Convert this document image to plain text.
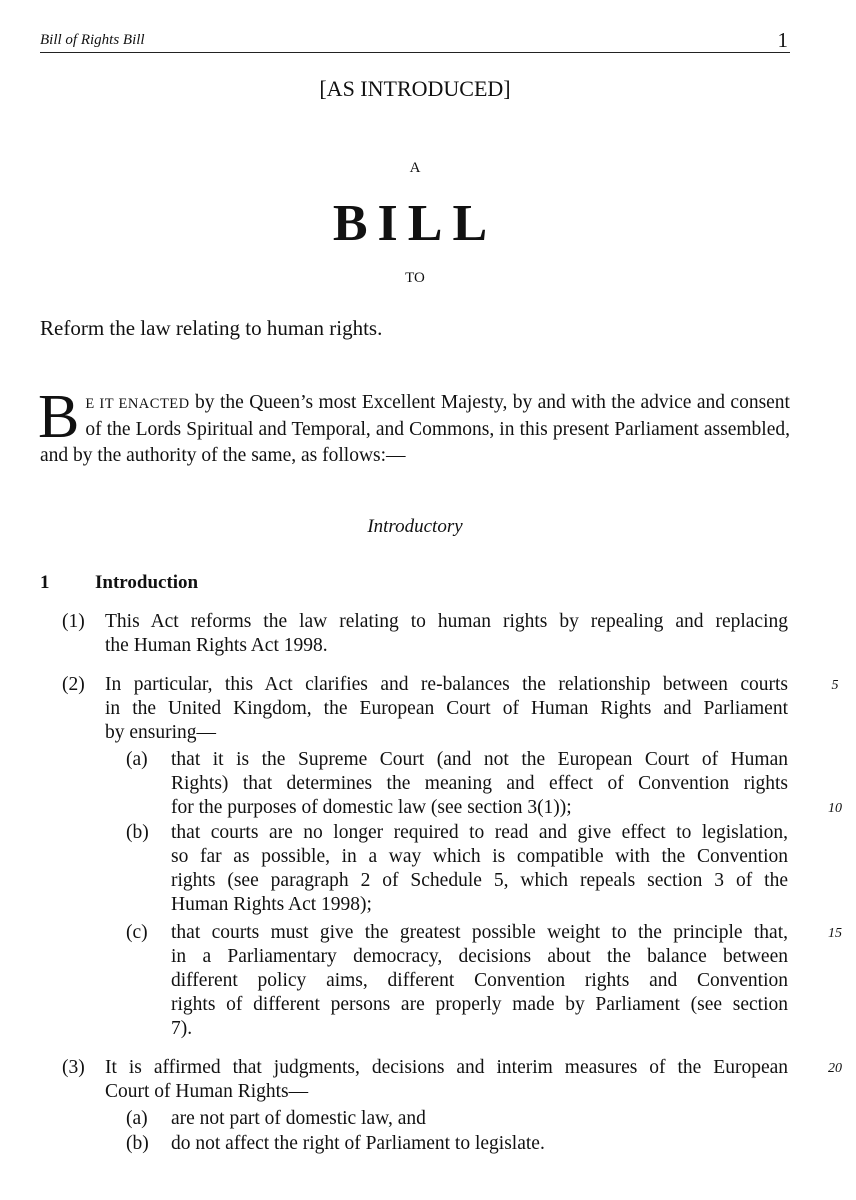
Bill of Rights Bill	1
[AS INTRODUCED]
A
BILL
TO
Reform the law relating to human rights.
B E IT ENACTED by the Queen’s most Excellent Majesty, by and with the advice and consent of the Lords Spiritual and Temporal, and Commons, in this present Parliament assembled, and by the authority of the same, as follows:—
Introductory
1 Introduction
(1)
(2)
(a)
(b)
(c)
(3)
(a)
(b)
This Act reforms the law relating to human rights by repealing and replacing
the Human Rights Act 1998.
In particular, this Act clarifies and re-balances the relationship between courts
in the United Kingdom, the European Court of Human Rights and Parliament
by ensuring—
that it is the Supreme Court (and not the European Court of Human
Rights) that determines the meaning and effect of Convention rights
for the purposes of domestic law (see section 3(1));
that courts are no longer required to read and give effect to legislation,
so far as possible, in a way which is compatible with the Convention
rights (see paragraph 2 of Schedule 5, which repeals section 3 of the
Human Rights Act 1998);
that courts must give the greatest possible weight to the principle that,
in a Parliamentary democracy, decisions about the balance between
different policy aims, different Convention rights and Convention
rights of different persons are properly made by Parliament (see section
7).
It is affirmed that judgments, decisions and interim measures of the European
Court of Human Rights—
are not part of domestic law, and
do not affect the right of Parliament to legislate.
5
10
15
20
